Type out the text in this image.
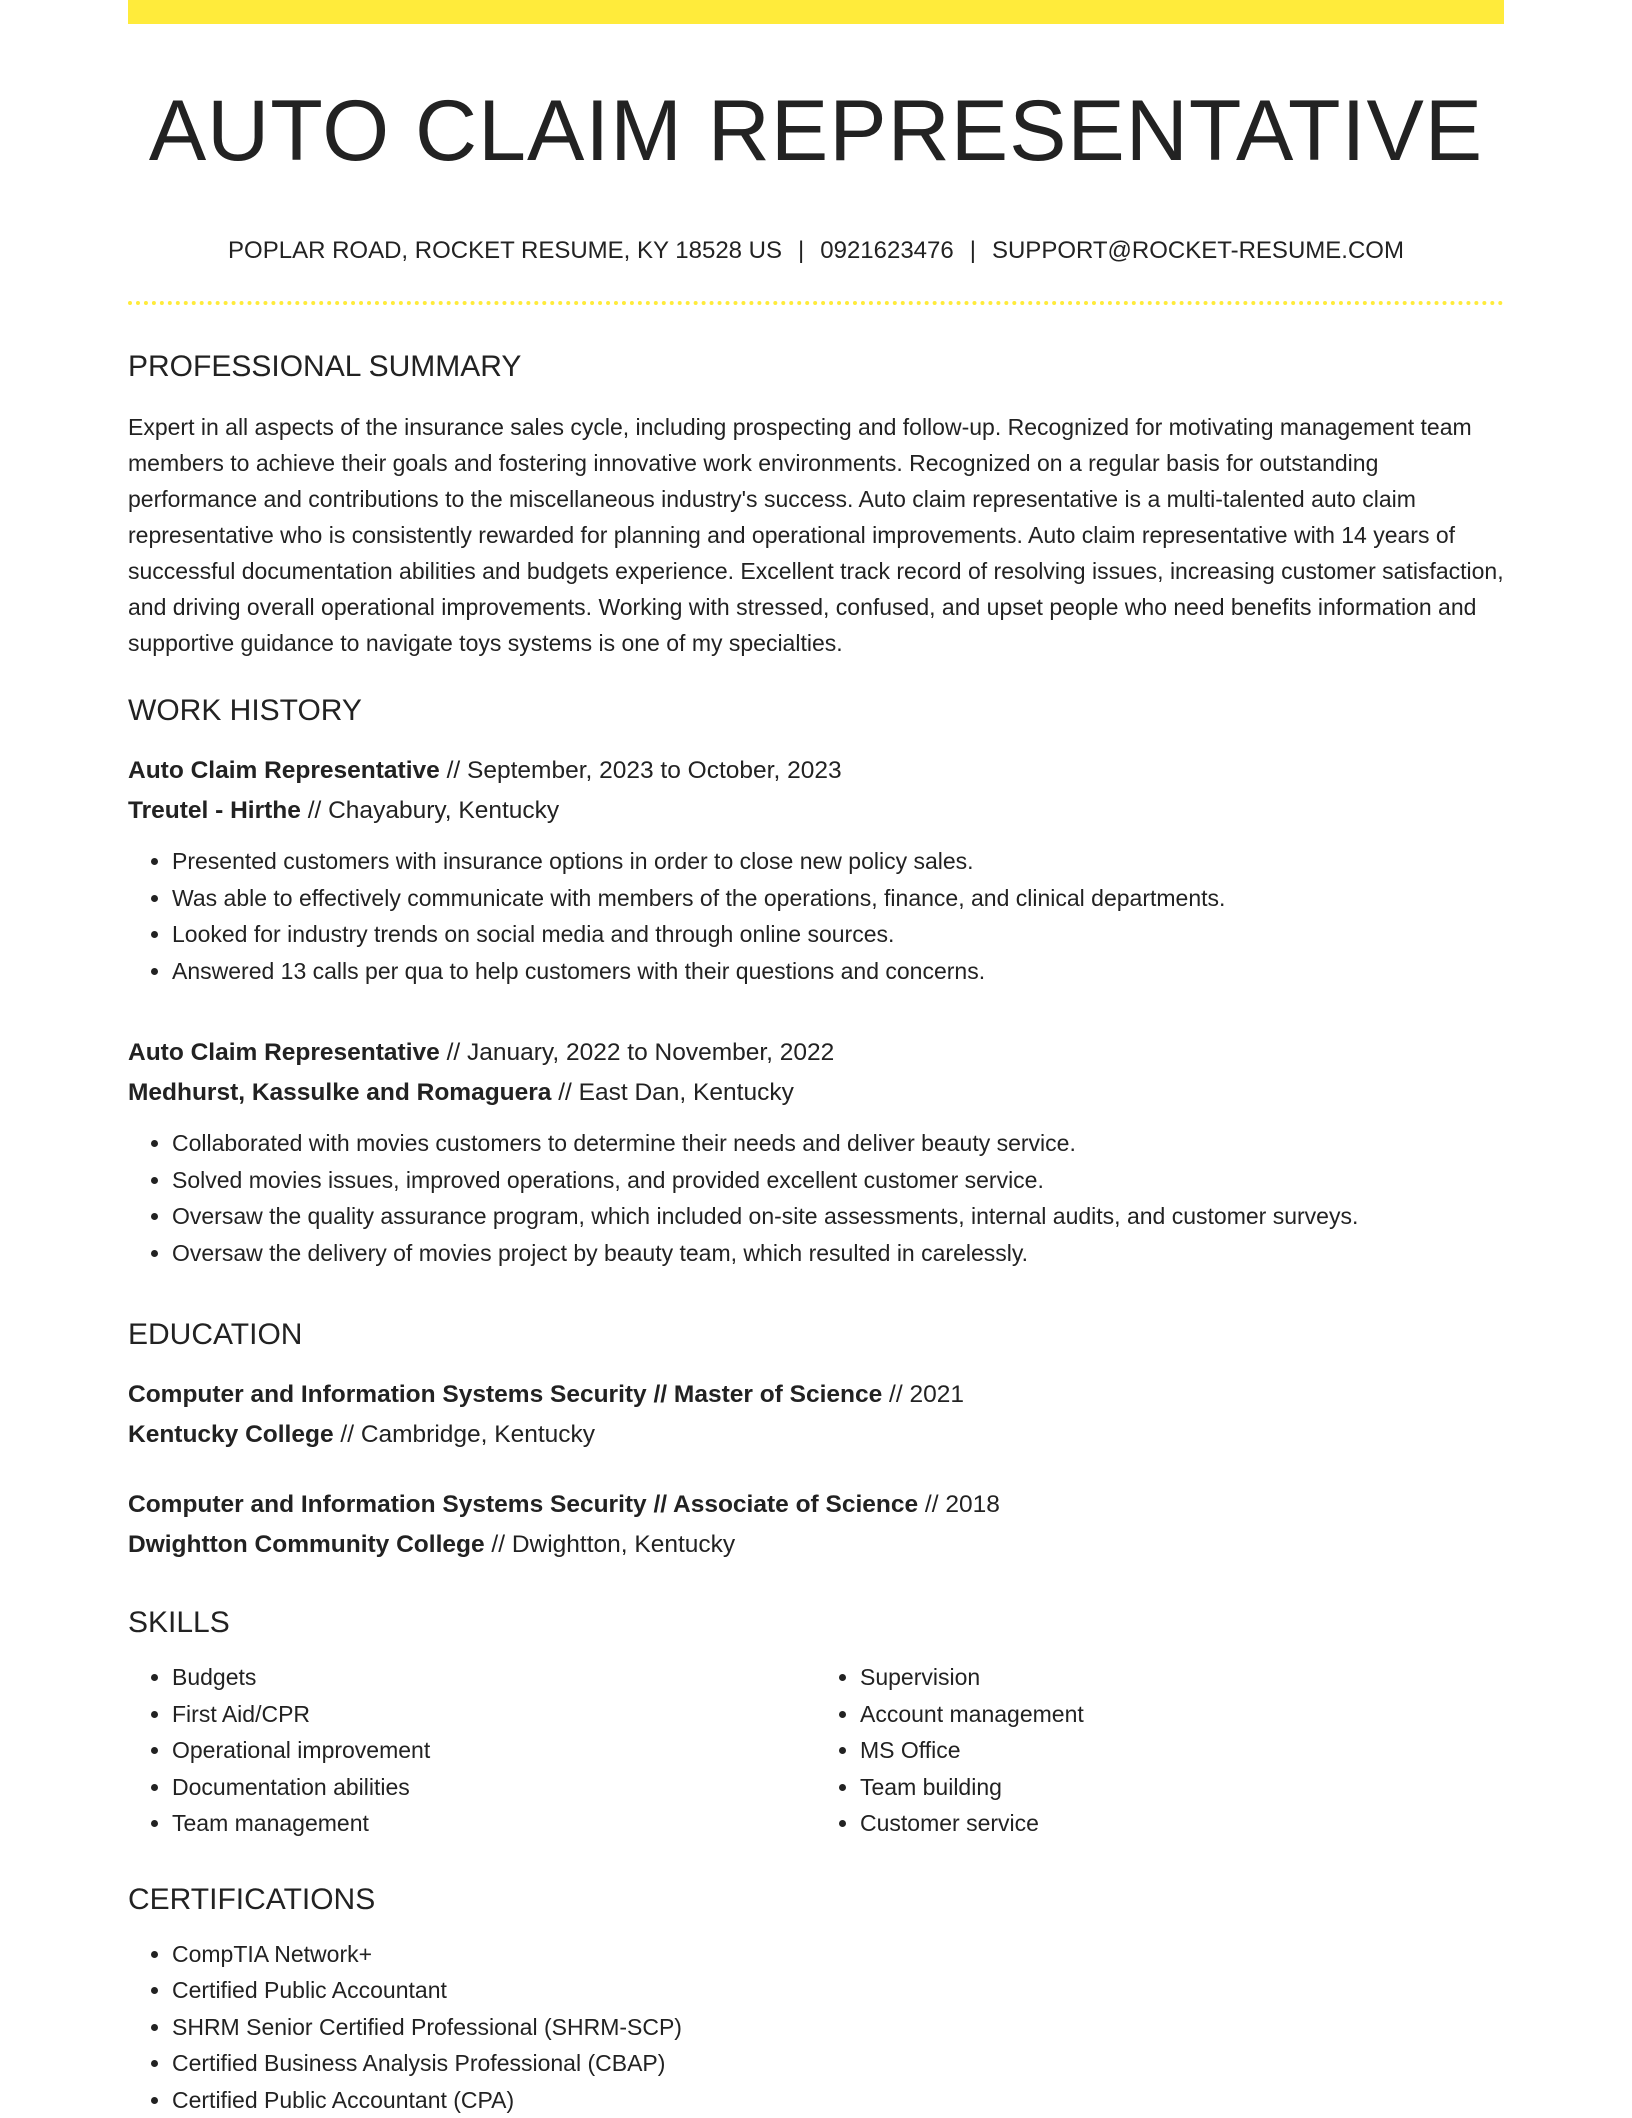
AUTO CLAIM REPRESENTATIVE
POPLAR ROAD, ROCKET RESUME, KY 18528 US | 0921623476 | SUPPORT@ROCKET-RESUME.COM
PROFESSIONAL SUMMARY
Expert in all aspects of the insurance sales cycle, including prospecting and follow-up. Recognized for motivating management team members to achieve their goals and fostering innovative work environments. Recognized on a regular basis for outstanding performance and contributions to the miscellaneous industry's success. Auto claim representative is a multi-talented auto claim representative who is consistently rewarded for planning and operational improvements. Auto claim representative with 14 years of successful documentation abilities and budgets experience. Excellent track record of resolving issues, increasing customer satisfaction, and driving overall operational improvements. Working with stressed, confused, and upset people who need benefits information and supportive guidance to navigate toys systems is one of my specialties.
WORK HISTORY
Auto Claim Representative // September, 2023 to October, 2023
Treutel - Hirthe // Chayabury, Kentucky
• Presented customers with insurance options in order to close new policy sales.
• Was able to effectively communicate with members of the operations, finance, and clinical departments.
• Looked for industry trends on social media and through online sources.
• Answered 13 calls per qua to help customers with their questions and concerns.
Auto Claim Representative // January, 2022 to November, 2022
Medhurst, Kassulke and Romaguera // East Dan, Kentucky
• Collaborated with movies customers to determine their needs and deliver beauty service.
• Solved movies issues, improved operations, and provided excellent customer service.
• Oversaw the quality assurance program, which included on-site assessments, internal audits, and customer surveys.
• Oversaw the delivery of movies project by beauty team, which resulted in carelessly.
EDUCATION
Computer and Information Systems Security // Master of Science // 2021
Kentucky College // Cambridge, Kentucky
Computer and Information Systems Security // Associate of Science // 2018
Dwightton Community College // Dwightton, Kentucky
SKILLS
• Budgets
• First Aid/CPR
• Operational improvement
• Documentation abilities
• Team management
• Supervision
• Account management
• MS Office
• Team building
• Customer service
CERTIFICATIONS
• CompTIA Network+
• Certified Public Accountant
• SHRM Senior Certified Professional (SHRM-SCP)
• Certified Business Analysis Professional (CBAP)
• Certified Public Accountant (CPA)
